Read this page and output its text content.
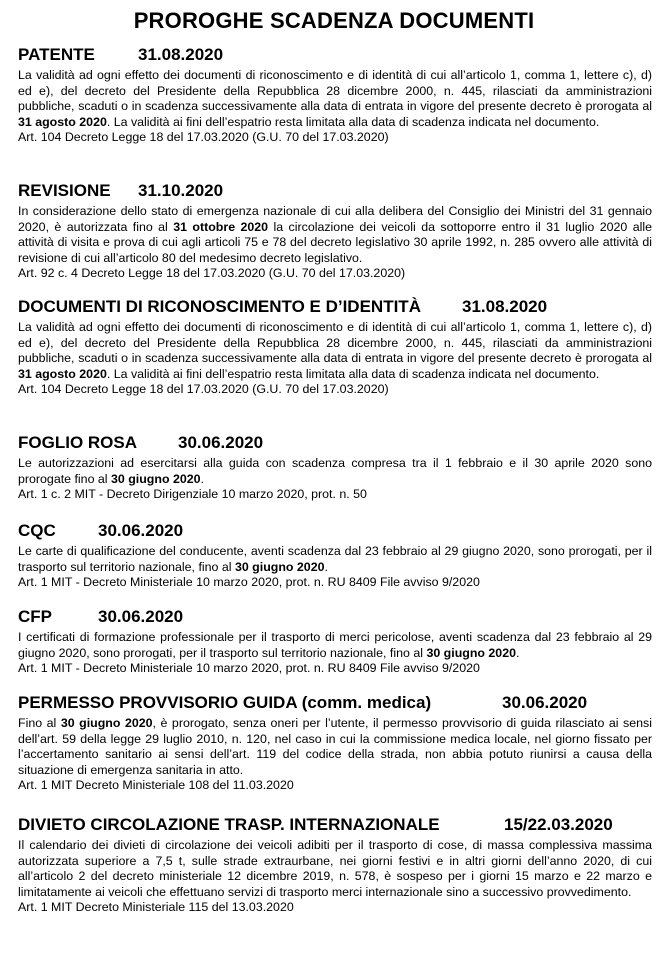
PROROGHE SCADENZA DOCUMENTI
PATENTE	31.08.2020
La validità ad ogni effetto dei documenti di riconoscimento e di identità di cui all’articolo 1, comma 1, lettere c), d) ed e), del decreto del Presidente della Repubblica 28 dicembre 2000, n. 445, rilasciati da amministrazioni pubbliche, scaduti o in scadenza successivamente alla data di entrata in vigore del presente decreto è prorogata al 31 agosto 2020. La validità ai fini dell’espatrio resta limitata alla data di scadenza indicata nel documento.
Art. 104 Decreto Legge 18 del 17.03.2020 (G.U. 70 del 17.03.2020)
REVISIONE 31.10.2020
In considerazione dello stato di emergenza nazionale di cui alla delibera del Consiglio dei Ministri del 31 gennaio 2020, è autorizzata fino al 31 ottobre 2020 la circolazione dei veicoli da sottoporre entro il 31 luglio 2020 alle attività di visita e prova di cui agli articoli 75 e 78 del decreto legislativo 30 aprile 1992, n. 285 ovvero alle attività di revisione di cui all’articolo 80 del medesimo decreto legislativo.
Art. 92 c. 4 Decreto Legge 18 del 17.03.2020 (G.U. 70 del 17.03.2020)
DOCUMENTI DI RICONOSCIMENTO E D’IDENTITÀ 31.08.2020
La validità ad ogni effetto dei documenti di riconoscimento e di identità di cui all’articolo 1, comma 1, lettere c), d) ed e), del decreto del Presidente della Repubblica 28 dicembre 2000, n. 445, rilasciati da amministrazioni pubbliche, scaduti o in scadenza successivamente alla data di entrata in vigore del presente decreto è prorogata al 31 agosto 2020. La validità ai fini dell’espatrio resta limitata alla data di scadenza indicata nel documento.
Art. 104 Decreto Legge 18 del 17.03.2020 (G.U. 70 del 17.03.2020)
FOGLIO ROSA 30.06.2020
Le autorizzazioni ad esercitarsi alla guida con scadenza compresa tra il 1 febbraio e il 30 aprile 2020 sono prorogate fino al 30 giugno 2020.
Art. 1 c. 2 MIT - Decreto Dirigenziale 10 marzo 2020, prot. n. 50
CQC 30.06.2020
Le carte di qualificazione del conducente, aventi scadenza dal 23 febbraio al 29 giugno 2020, sono prorogati, per il trasporto sul territorio nazionale, fino al 30 giugno 2020.
Art. 1 MIT - Decreto Ministeriale 10 marzo 2020, prot. n. RU 8409 File avviso 9/2020
CFP	30.06.2020
I certificati di formazione professionale per il trasporto di merci pericolose, aventi scadenza dal 23 febbraio al 29 giugno 2020, sono prorogati, per il trasporto sul territorio nazionale, fino al 30 giugno 2020.
Art. 1 MIT - Decreto Ministeriale 10 marzo 2020, prot. n. RU 8409 File avviso 9/2020
PERMESSO PROVVISORIO GUIDA (comm. medica)	30.06.2020
Fino al 30 giugno 2020, è prorogato, senza oneri per l’utente, il permesso provvisorio di guida rilasciato ai sensi dell’art. 59 della legge 29 luglio 2010, n. 120, nel caso in cui la commissione medica locale, nel giorno fissato per l’accertamento sanitario ai sensi dell’art. 119 del codice della strada, non abbia potuto riunirsi a causa della situazione di emergenza sanitaria in atto.
Art. 1 MIT Decreto Ministeriale 108 del 11.03.2020
DIVIETO CIRCOLAZIONE TRASP. INTERNAZIONALE	15/22.03.2020
Il calendario dei divieti di circolazione dei veicoli adibiti per il trasporto di cose, di massa complessiva massima autorizzata superiore a 7,5 t, sulle strade extraurbane, nei giorni festivi e in altri giorni dell’anno 2020, di cui all’articolo 2 del decreto ministeriale 12 dicembre 2019, n. 578, è sospeso per i giorni 15 marzo e 22 marzo e limitatamente ai veicoli che effettuano servizi di trasporto merci internazionale sino a successivo provvedimento.
Art. 1 MIT Decreto Ministeriale 115 del 13.03.2020
